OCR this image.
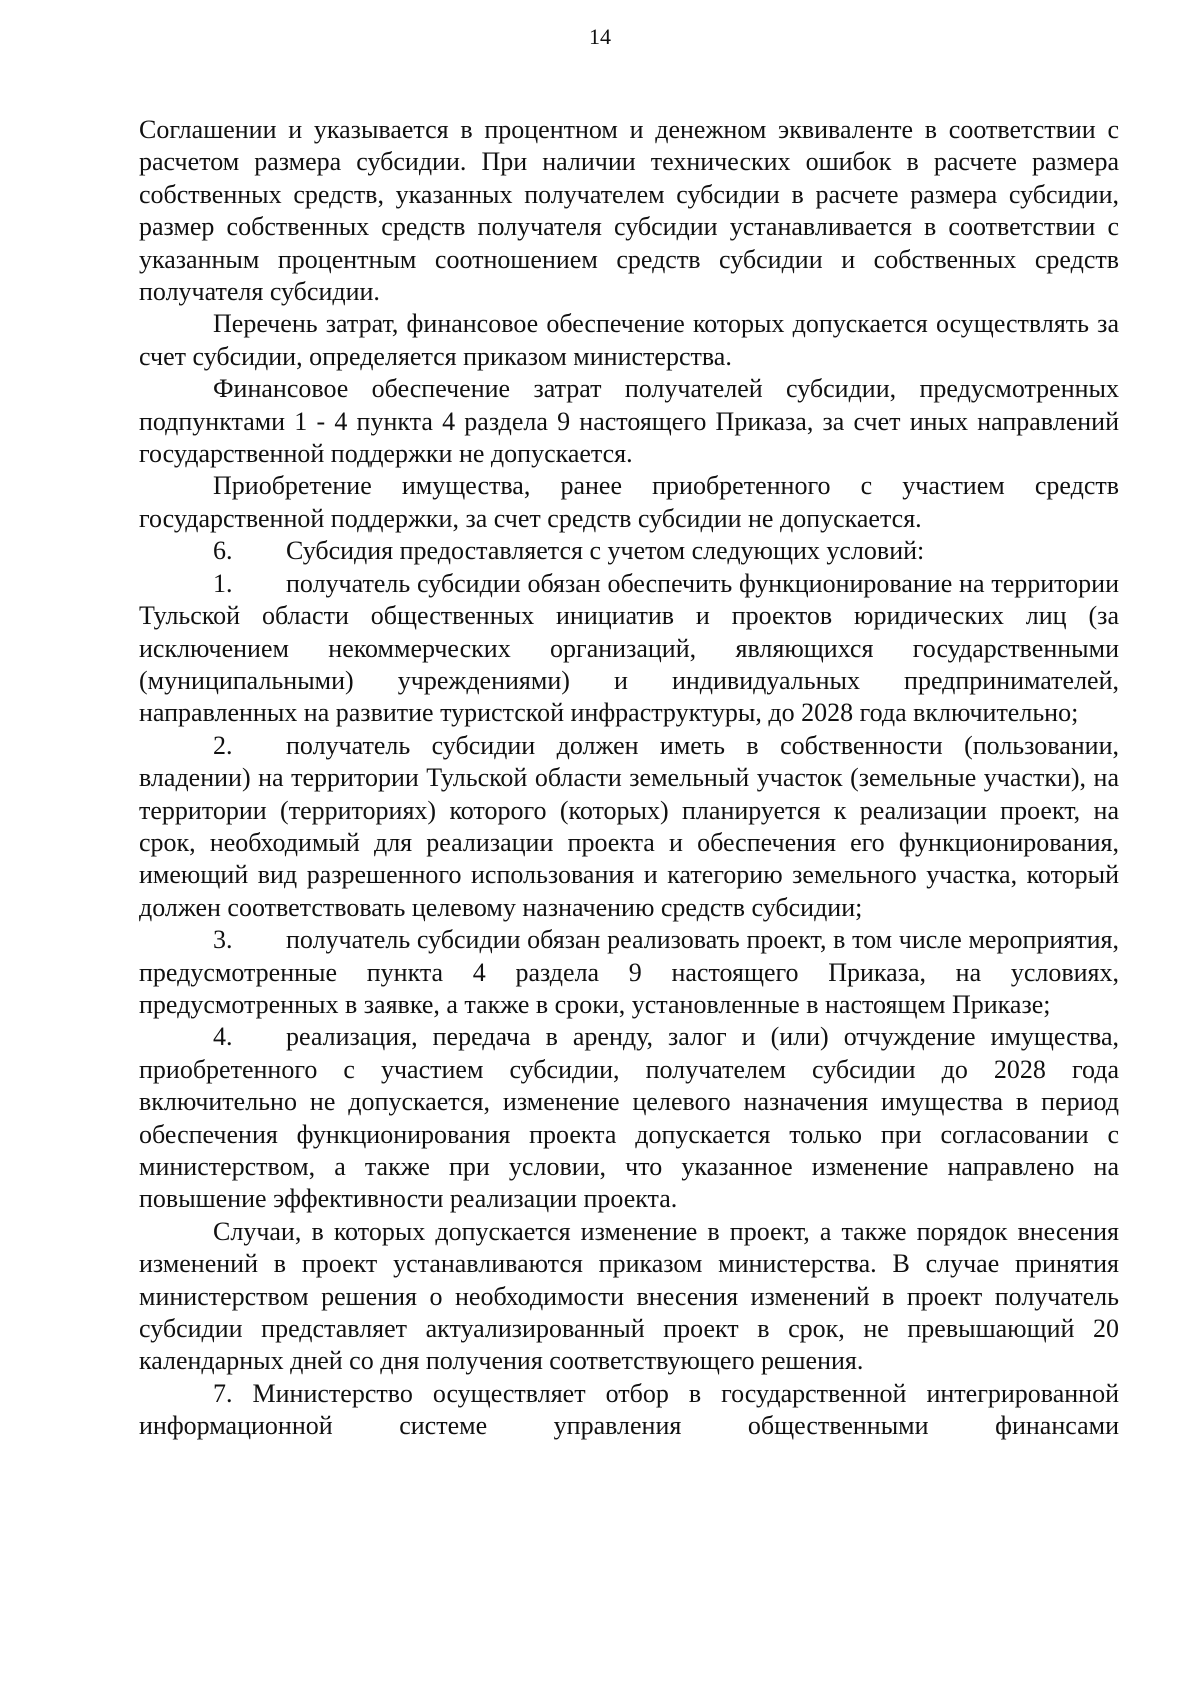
14

Соглашении и указывается в процентном и денежном эквиваленте в соответствии с расчетом размера субсидии. При наличии технических ошибок в расчете размера собственных средств, указанных получателем субсидии в расчете размера субсидии, размер собственных средств получателя субсидии устанавливается в соответствии с указанным процентным соотношением средств субсидии и собственных средств получателя субсидии.

Перечень затрат, финансовое обеспечение которых допускается осуществлять за счет субсидии, определяется приказом министерства.

Финансовое обеспечение затрат получателей субсидии, предусмотренных подпунктами 1 - 4 пункта 4 раздела 9 настоящего Приказа, за счет иных направлений государственной поддержки не допускается.

Приобретение имущества, ранее приобретенного с участием средств государственной поддержки, за счет средств субсидии не допускается.

6. Субсидия предоставляется с учетом следующих условий:

1. получатель субсидии обязан обеспечить функционирование на территории Тульской области общественных инициатив и проектов юридических лиц (за исключением некоммерческих организаций, являющихся государственными (муниципальными) учреждениями) и индивидуальных предпринимателей, направленных на развитие туристской инфраструктуры, до 2028 года включительно;

2. получатель субсидии должен иметь в собственности (пользовании, владении) на территории Тульской области земельный участок (земельные участки), на территории (территориях) которого (которых) планируется к реализации проект, на срок, необходимый для реализации проекта и обеспечения его функционирования, имеющий вид разрешенного использования и категорию земельного участка, который должен соответствовать целевому назначению средств субсидии;

3. получатель субсидии обязан реализовать проект, в том числе мероприятия, предусмотренные пункта 4 раздела 9 настоящего Приказа, на условиях, предусмотренных в заявке, а также в сроки, установленные в настоящем Приказе;

4. реализация, передача в аренду, залог и (или) отчуждение имущества, приобретенного с участием субсидии, получателем субсидии до 2028 года включительно не допускается, изменение целевого назначения имущества в период обеспечения функционирования проекта допускается только при согласовании с министерством, а также при условии, что указанное изменение направлено на повышение эффективности реализации проекта.

Случаи, в которых допускается изменение в проект, а также порядок внесения изменений в проект устанавливаются приказом министерства. В случае принятия министерством решения о необходимости внесения изменений в проект получатель субсидии представляет актуализированный проект в срок, не превышающий 20 календарных дней со дня получения соответствующего решения.

7. Министерство осуществляет отбор в государственной интегрированной информационной системе управления общественными финансами
